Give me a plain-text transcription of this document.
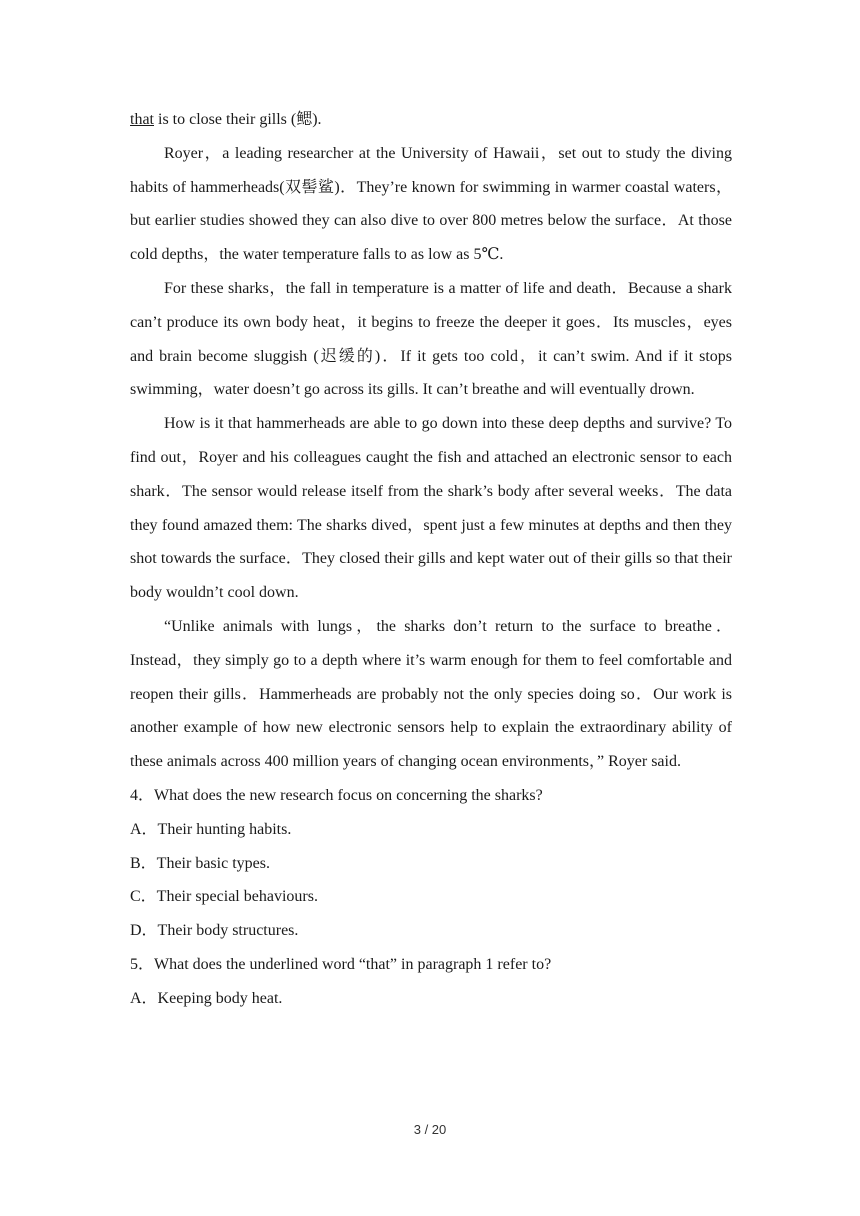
that is to close their gills (鳃).

Royer，a leading researcher at the University of Hawaii，set out to study the diving habits of hammerheads(双髻鲨)．They’re known for swimming in warmer coastal waters，but earlier studies showed they can also dive to over 800 metres below the surface．At those cold depths，the water temperature falls to as low as 5℃.

For these sharks，the fall in temperature is a matter of life and death．Because a shark can’t produce its own body heat，it begins to freeze the deeper it goes．Its muscles，eyes and brain become sluggish (迟缓的)．If it gets too cold，it can’t swim. And if it stops swimming，water doesn’t go across its gills. It can’t breathe and will eventually drown.

How is it that hammerheads are able to go down into these deep depths and survive? To find out，Royer and his colleagues caught the fish and attached an electronic sensor to each shark．The sensor would release itself from the shark’s body after several weeks．The data they found amazed them: The sharks dived，spent just a few minutes at depths and then they shot towards the surface．They closed their gills and kept water out of their gills so that their body wouldn’t cool down.

“Unlike animals with lungs，the sharks don’t return to the surface to breathe．Instead，they simply go to a depth where it’s warm enough for them to feel comfortable and reopen their gills．Hammerheads are probably not the only species doing so．Our work is another example of how new electronic sensors help to explain the extraordinary ability of these animals across 400 million years of changing ocean environments，” Royer said.

4．What does the new research focus on concerning the sharks?

A．Their hunting habits.

B．Their basic types.

C．Their special behaviours.

D．Their body structures.

5．What does the underlined word “that” in paragraph 1 refer to?

A．Keeping body heat.

3 / 20
